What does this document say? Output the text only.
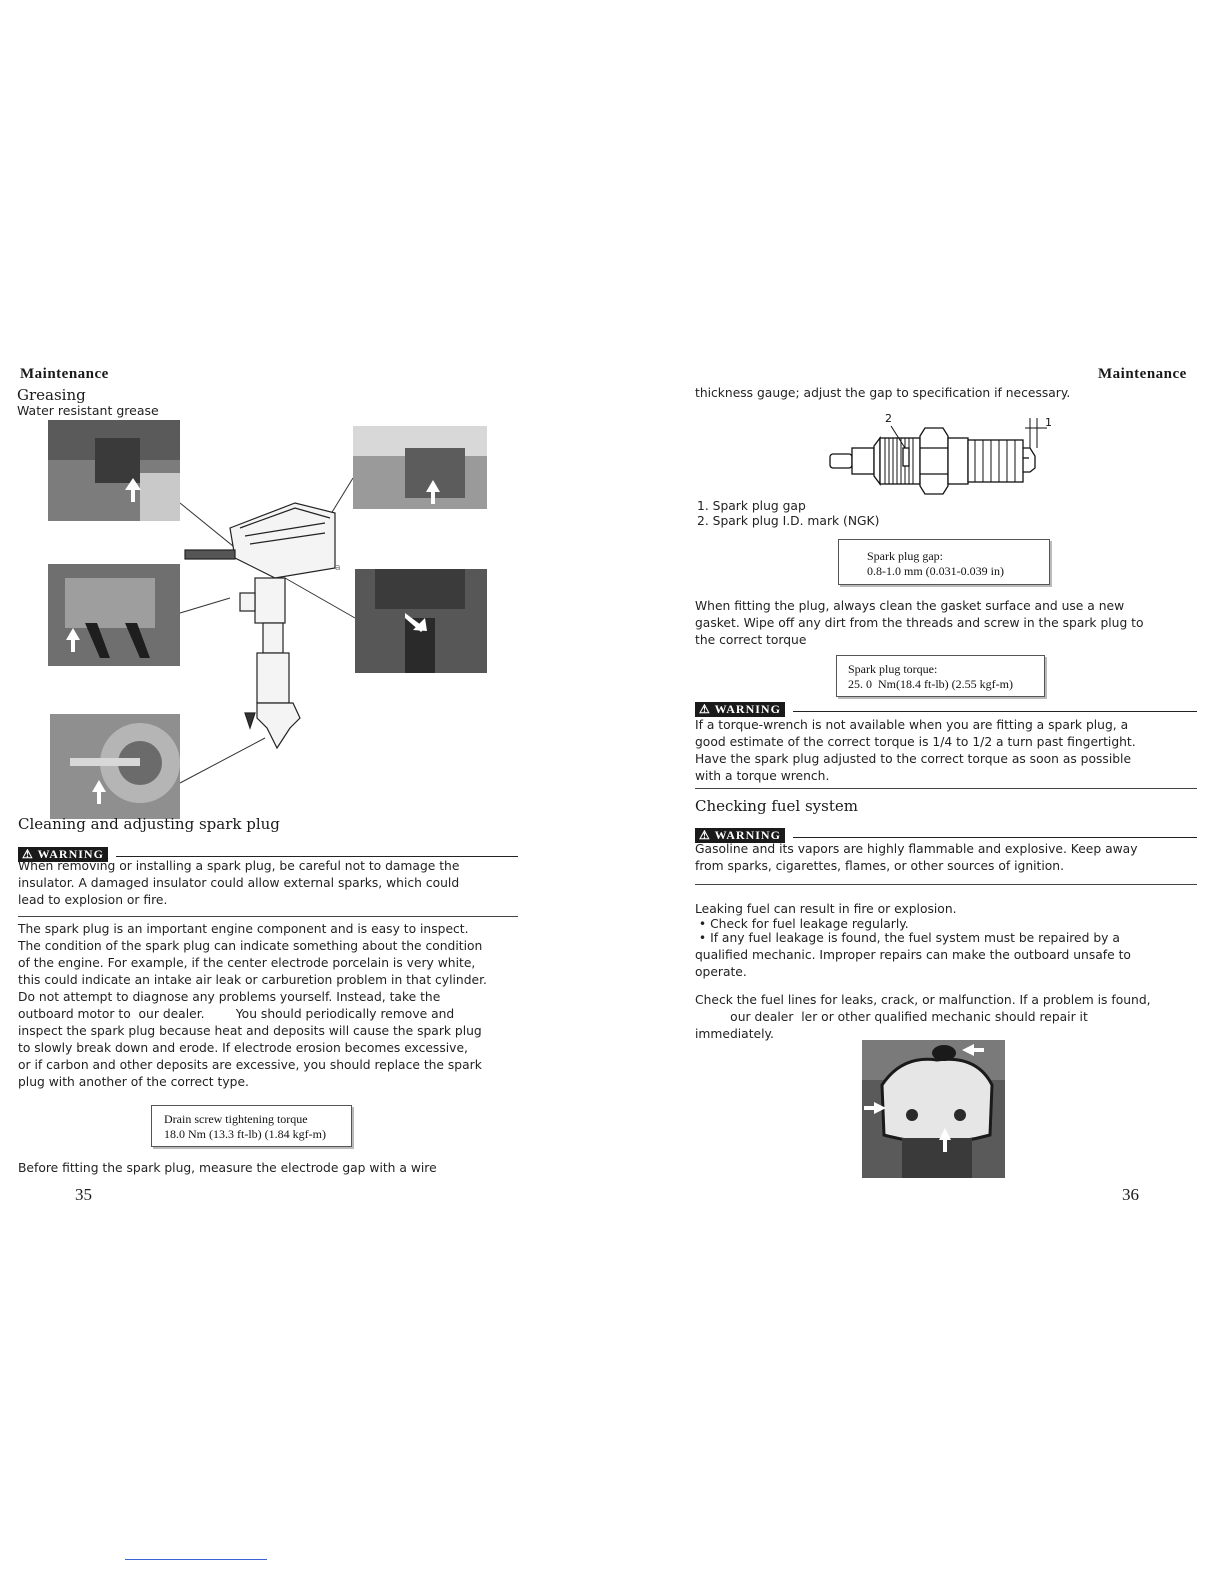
Maintenance
Greasing
Water resistant grease
a
Cleaning and adjusting spark plug
⚠ WARNING
When removing or installing a spark plug, be careful not to damage the
insulator. A damaged insulator could allow external sparks, which could
lead to explosion or fire.
The spark plug is an important engine component and is easy to inspect.
The condition of the spark plug can indicate something about the condition
of the engine. For example, if the center electrode porcelain is very white,
this could indicate an intake air leak or carburetion problem in that cylinder.
Do not attempt to diagnose any problems yourself. Instead, take the
outboard motor to  our dealer.        You should periodically remove and
inspect the spark plug because heat and deposits will cause the spark plug
to slowly break down and erode. If electrode erosion becomes excessive,
or if carbon and other deposits are excessive, you should replace the spark
plug with another of the correct type.
Drain screw tightening torque
18.0 Nm (13.3 ft-lb) (1.84 kgf-m)
Before fitting the spark plug, measure the electrode gap with a wire
35
Maintenance
thickness gauge; adjust the gap to specification if necessary.
2	1
1. Spark plug gap
2. Spark plug I.D. mark (NGK)
Spark plug gap:
0.8-1.0 mm (0.031-0.039 in)
When fitting the plug, always clean the gasket surface and use a new
gasket. Wipe off any dirt from the threads and screw in the spark plug to
the correct torque
Spark plug torque:
25. 0  Nm(18.4 ft-lb) (2.55 kgf-m)
⚠ WARNING
If a torque-wrench is not available when you are fitting a spark plug, a
good estimate of the correct torque is 1/4 to 1/2 a turn past fingertight.
Have the spark plug adjusted to the correct torque as soon as possible
with a torque wrench.
Checking fuel system
⚠ WARNING
Gasoline and its vapors are highly flammable and explosive. Keep away
from sparks, cigarettes, flames, or other sources of ignition.
Leaking fuel can result in fire or explosion.
• Check for fuel leakage regularly.
• If any fuel leakage is found, the fuel system must be repaired by a
qualified mechanic. Improper repairs can make the outboard unsafe to
operate.
Check the fuel lines for leaks, crack, or malfunction. If a problem is found,
our dealer  ler or other qualified mechanic should repair it
immediately.
36
